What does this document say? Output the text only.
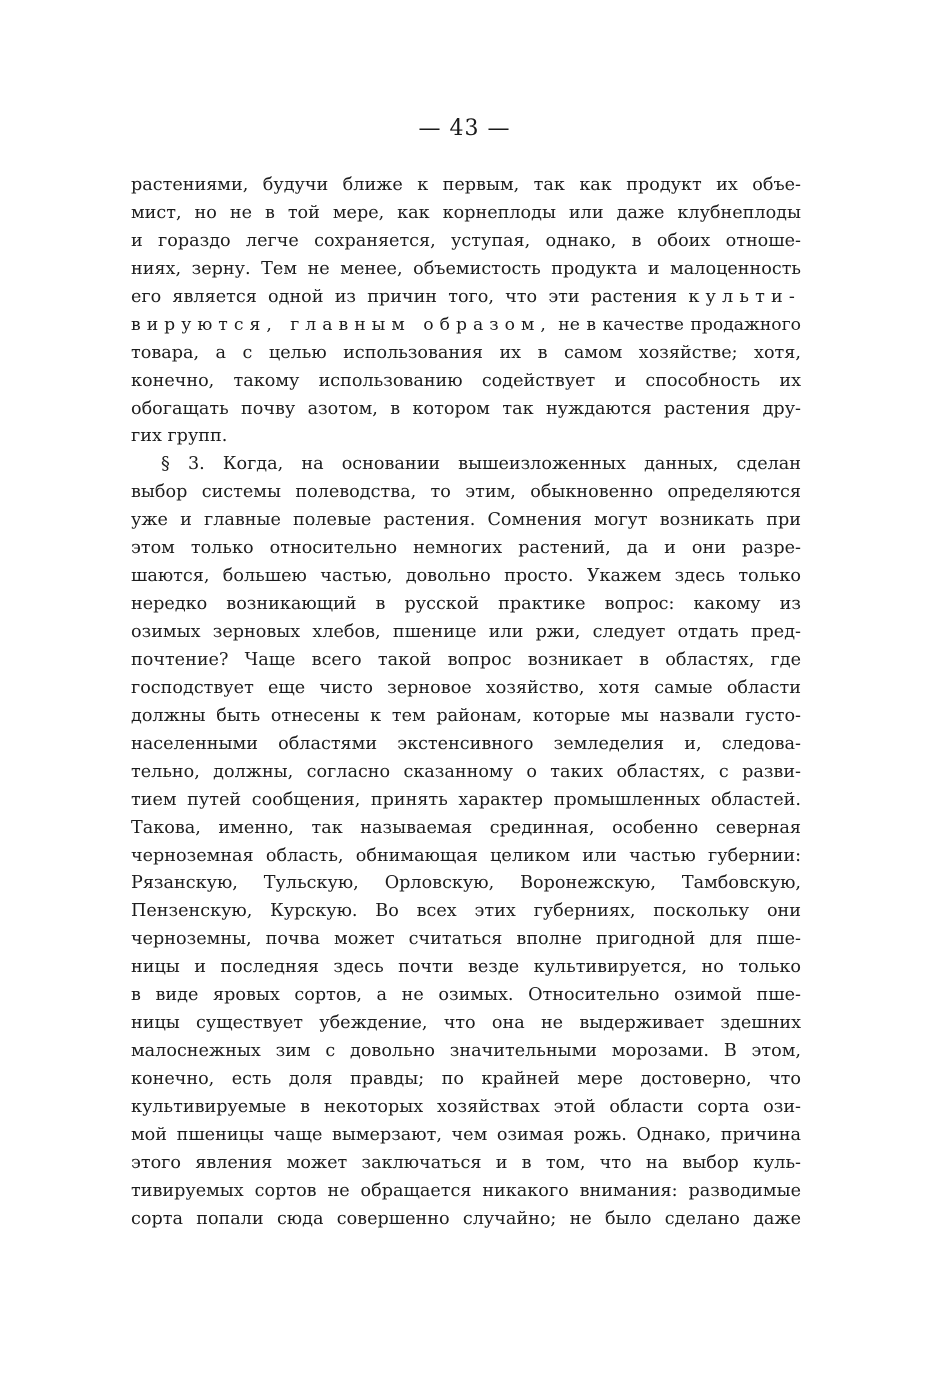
— 43 —
растениями, будучи ближе к первым, так как продукт их объе-
мист, но не в той мере, как корнеплоды или даже клубнеплоды
и гораздо легче сохраняется, уступая, однако, в обоих отноше-
ниях, зерну. Тем не менее, объемистость продукта и малоценность
его является одной из причин того, что эти растения культи-
вируются, главным образом, не в качестве продажного
товара, а с целью использования их в самом хозяйстве; хотя,
конечно, такому использованию содействует и способность их
обогащать почву азотом, в котором так нуждаются растения дру-
гих групп.
§ 3. Когда, на основании вышеизложенных данных, сделан
выбор системы полеводства, то этим, обыкновенно определяются
уже и главные полевые растения. Сомнения могут возникать при
этом только относительно немногих растений, да и они разре-
шаются, большею частью, довольно просто. Укажем здесь только
нередко возникающий в русской практике вопрос: какому из
озимых зерновых хлебов, пшенице или ржи, следует отдать пред-
почтение? Чаще всего такой вопрос возникает в областях, где
господствует еще чисто зерновое хозяйство, хотя самые области
должны быть отнесены к тем районам, которые мы назвали густо-
населенными областями экстенсивного земледелия и, следова-
тельно, должны, согласно сказанному о таких областях, с разви-
тием путей сообщения, принять характер промышленных областей.
Такова, именно, так называемая срединная, особенно северная
черноземная область, обнимающая целиком или частью губернии:
Рязанскую, Тульскую, Орловскую, Воронежскую, Тамбовскую,
Пензенскую, Курскую. Во всех этих губерниях, поскольку они
черноземны, почва может считаться вполне пригодной для пше-
ницы и последняя здесь почти везде культивируется, но только
в виде яровых сортов, а не озимых. Относительно озимой пше-
ницы существует убеждение, что она не выдерживает здешних
малоснежных зим с довольно значительными морозами. В этом,
конечно, есть доля правды; по крайней мере достоверно, что
культивируемые в некоторых хозяйствах этой области сорта ози-
мой пшеницы чаще вымерзают, чем озимая рожь. Однако, причина
этого явления может заключаться и в том, что на выбор куль-
тивируемых сортов не обращается никакого внимания: разводимые
сорта попали сюда совершенно случайно; не было сделано даже
